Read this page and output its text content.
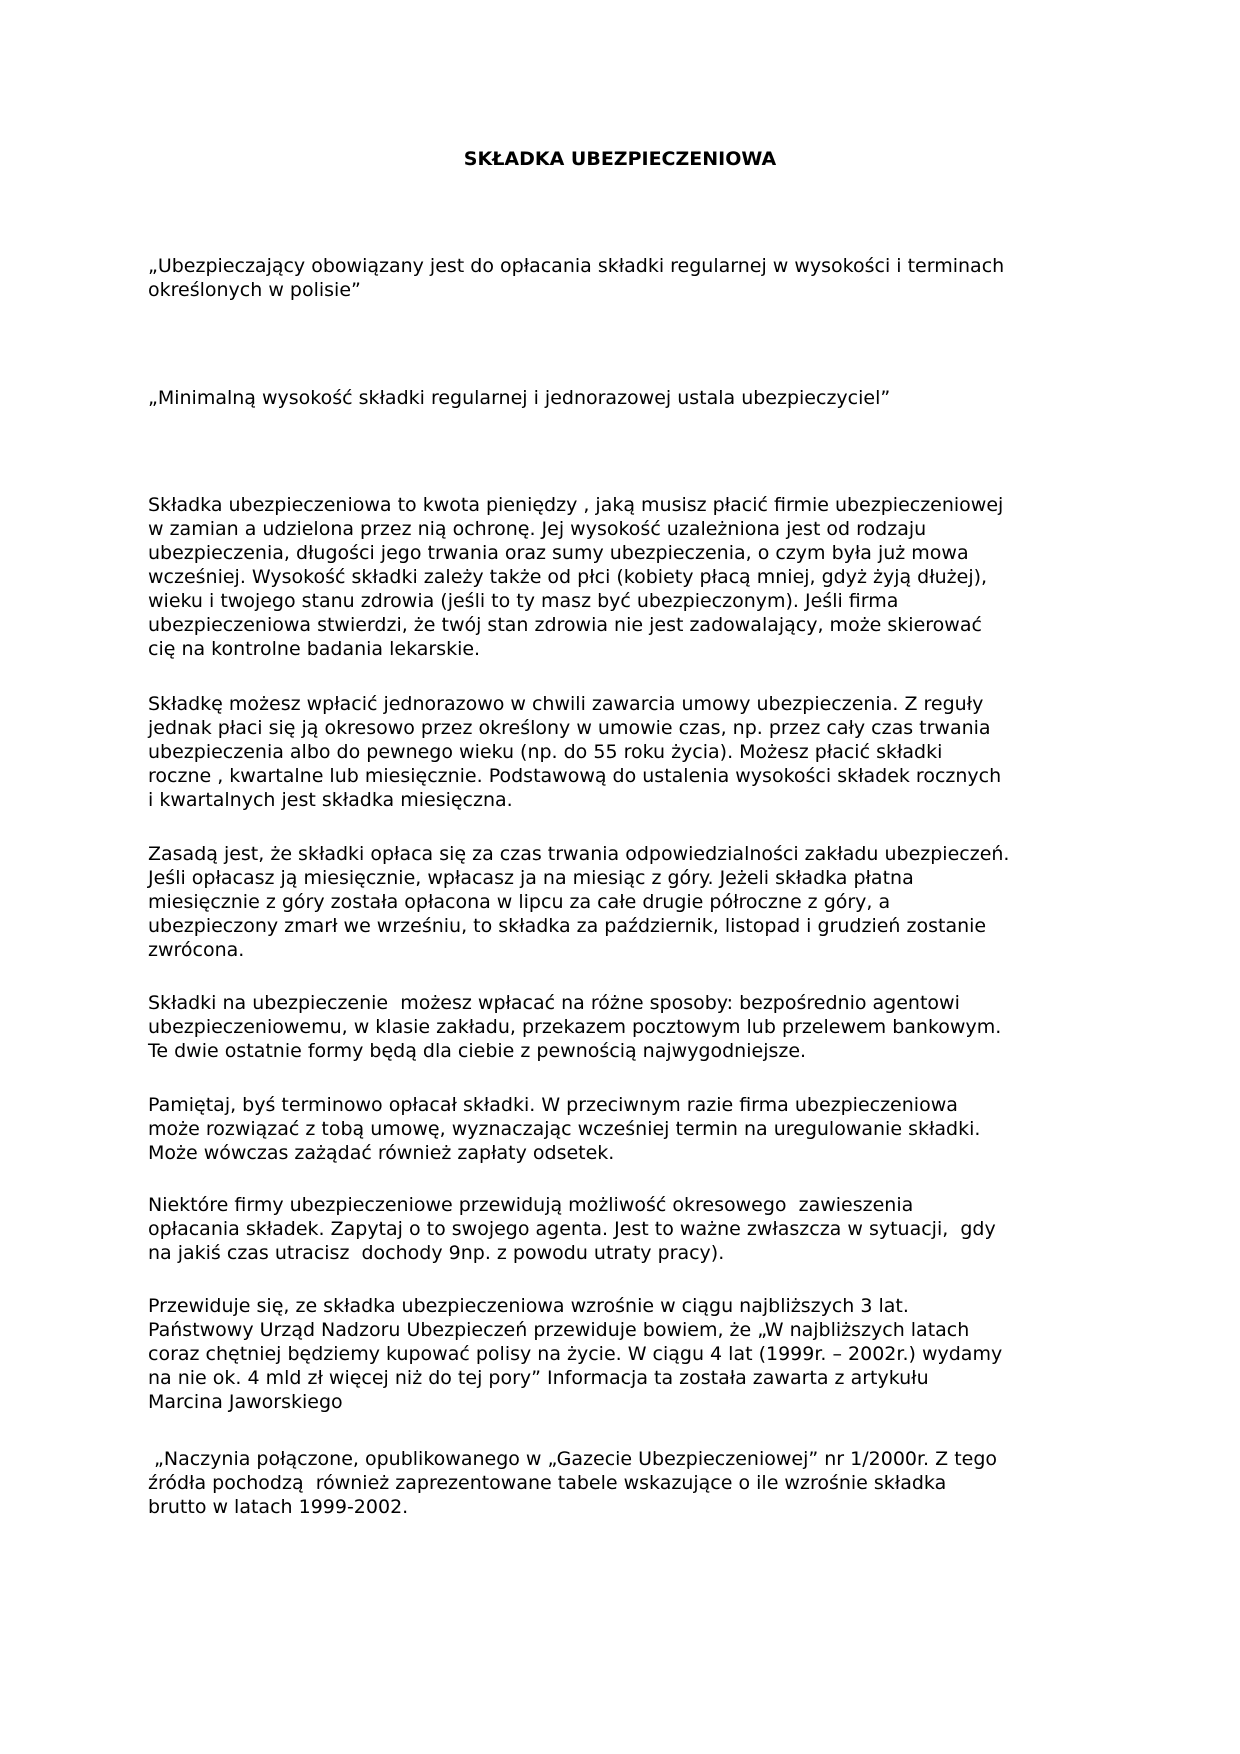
SKŁADKA UBEZPIECZENIOWA

„Ubezpieczający obowiązany jest do opłacania składki regularnej w wysokości i terminach
określonych w polisie”

„Minimalną wysokość składki regularnej i jednorazowej ustala ubezpieczyciel”

Składka ubezpieczeniowa to kwota pieniędzy , jaką musisz płacić firmie ubezpieczeniowej
w zamian a udzielona przez nią ochronę. Jej wysokość uzależniona jest od rodzaju
ubezpieczenia, długości jego trwania oraz sumy ubezpieczenia, o czym była już mowa
wcześniej. Wysokość składki zależy także od płci (kobiety płacą mniej, gdyż żyją dłużej),
wieku i twojego stanu zdrowia (jeśli to ty masz być ubezpieczonym). Jeśli firma
ubezpieczeniowa stwierdzi, że twój stan zdrowia nie jest zadowalający, może skierować
cię na kontrolne badania lekarskie.

Składkę możesz wpłacić jednorazowo w chwili zawarcia umowy ubezpieczenia. Z reguły
jednak płaci się ją okresowo przez określony w umowie czas, np. przez cały czas trwania
ubezpieczenia albo do pewnego wieku (np. do 55 roku życia). Możesz płacić składki
roczne , kwartalne lub miesięcznie. Podstawową do ustalenia wysokości składek rocznych
i kwartalnych jest składka miesięczna.

Zasadą jest, że składki opłaca się za czas trwania odpowiedzialności zakładu ubezpieczeń.
Jeśli opłacasz ją miesięcznie, wpłacasz ja na miesiąc z góry. Jeżeli składka płatna
miesięcznie z góry została opłacona w lipcu za całe drugie półroczne z góry, a
ubezpieczony zmarł we wrześniu, to składka za październik, listopad i grudzień zostanie
zwrócona.

Składki na ubezpieczenie  możesz wpłacać na różne sposoby: bezpośrednio agentowi
ubezpieczeniowemu, w klasie zakładu, przekazem pocztowym lub przelewem bankowym.
Te dwie ostatnie formy będą dla ciebie z pewnością najwygodniejsze.

Pamiętaj, byś terminowo opłacał składki. W przeciwnym razie firma ubezpieczeniowa
może rozwiązać z tobą umowę, wyznaczając wcześniej termin na uregulowanie składki.
Może wówczas zażądać również zapłaty odsetek.

Niektóre firmy ubezpieczeniowe przewidują możliwość okresowego  zawieszenia
opłacania składek. Zapytaj o to swojego agenta. Jest to ważne zwłaszcza w sytuacji,  gdy
na jakiś czas utracisz  dochody 9np. z powodu utraty pracy).

Przewiduje się, ze składka ubezpieczeniowa wzrośnie w ciągu najbliższych 3 lat.
Państwowy Urząd Nadzoru Ubezpieczeń przewiduje bowiem, że „W najbliższych latach
coraz chętniej będziemy kupować polisy na życie. W ciągu 4 lat (1999r. – 2002r.) wydamy
na nie ok. 4 mld zł więcej niż do tej pory” Informacja ta została zawarta z artykułu
Marcina Jaworskiego

„Naczynia połączone, opublikowanego w „Gazecie Ubezpieczeniowej” nr 1/2000r. Z tego
źródła pochodzą  również zaprezentowane tabele wskazujące o ile wzrośnie składka
brutto w latach 1999-2002.
